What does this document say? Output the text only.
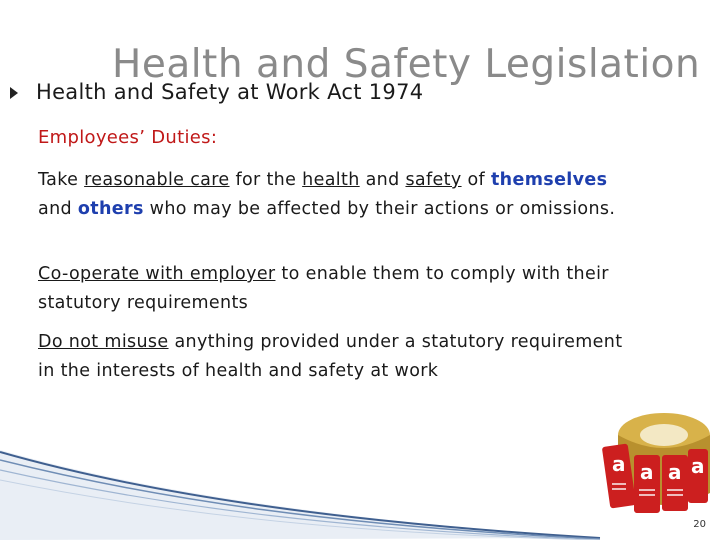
Health and Safety Legislation
Health and Safety at Work Act 1974
Employees’ Duties:

Take reasonable care for the health and safety of themselves and others who may be affected by their actions or omissions.

Co-operate with employer to enable them to comply with their statutory requirements

Do not misuse anything provided under a statutory requirement in the interests of health and safety at work

a a a a
20
